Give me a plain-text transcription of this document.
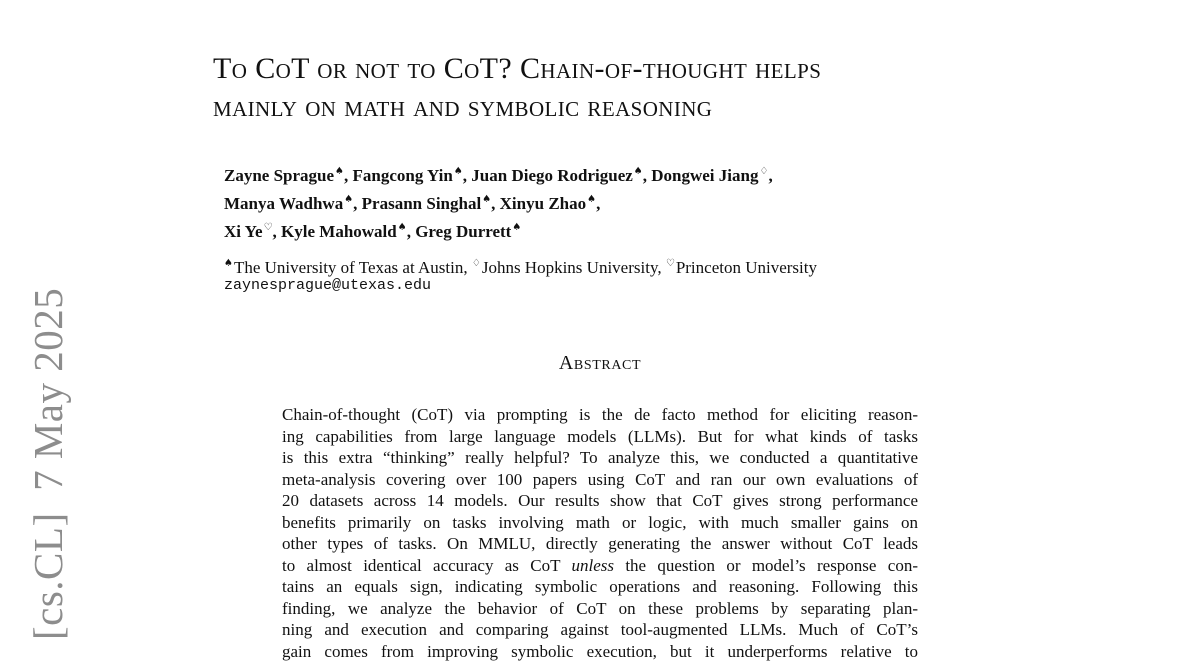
[cs.CL]  7 May 2025
To CoT or not to CoT? Chain-of-thought helps
mainly on math and symbolic reasoning
Zayne Sprague♠, Fangcong Yin♠, Juan Diego Rodriguez♠, Dongwei Jiang♢,
Manya Wadhwa♠, Prasann Singhal♠, Xinyu Zhao♠,
Xi Ye♡, Kyle Mahowald♠, Greg Durrett♠
♠The University of Texas at Austin, ♢Johns Hopkins University, ♡Princeton University
zaynesprague@utexas.edu
Abstract
Chain-of-thought (CoT) via prompting is the de facto method for eliciting reason-
ing capabilities from large language models (LLMs). But for what kinds of tasks
is this extra “thinking” really helpful? To analyze this, we conducted a quantitative
meta-analysis covering over 100 papers using CoT and ran our own evaluations of
20 datasets across 14 models. Our results show that CoT gives strong performance
benefits primarily on tasks involving math or logic, with much smaller gains on
other types of tasks. On MMLU, directly generating the answer without CoT leads
to almost identical accuracy as CoT unless the question or model’s response con-
tains an equals sign, indicating symbolic operations and reasoning. Following this
finding, we analyze the behavior of CoT on these problems by separating plan-
ning and execution and comparing against tool-augmented LLMs. Much of CoT’s
gain comes from improving symbolic execution, but it underperforms relative to
